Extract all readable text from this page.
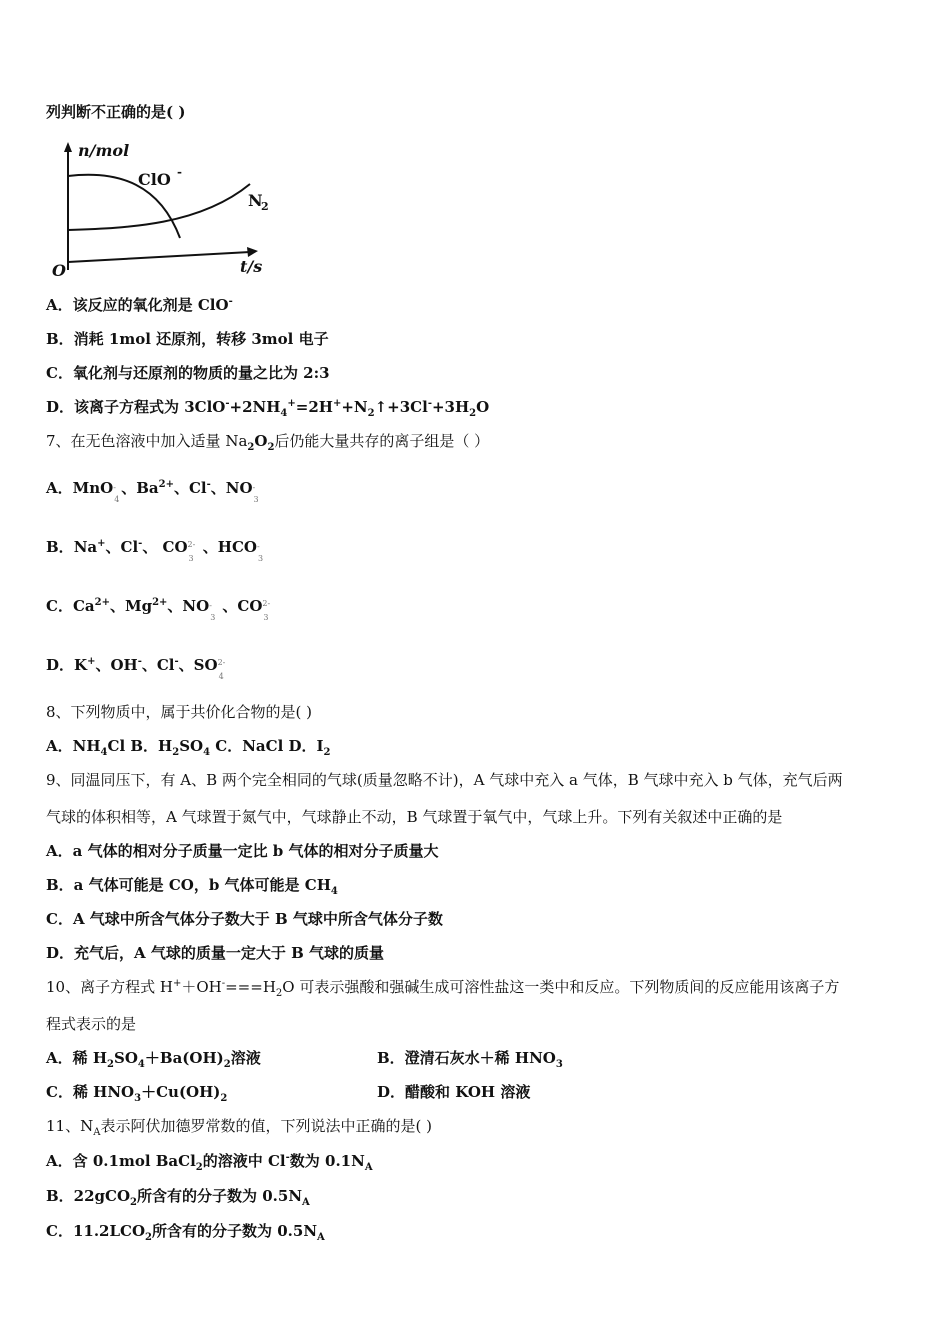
列判断不正确的是( )
n/mol
ClO -
N
2
O	t/s
A．该反应的氧化剂是 ClO-
B．消耗 1mol 还原剂，转移 3mol 电子
C．氧化剂与还原剂的物质的量之比为 2:3
D．该离子方程式为 $3ClO^-+2NH_4^+=2H^++N_2↑+3Cl^-+3H_2O$
7、在无色溶液中加入适量 $Na_2O_2$后仍能大量共存的离子组是（ ）
A．MnO -
4
、$Ba^{2+}$、Cl-、NO -
3
B．Na+、Cl-、 CO 2-
3
、HCO -
3
C．$Ca^{2+}$、$Mg^{2+}$、NO -
3
、CO 2-
3
D．K+、OH-、Cl-、SO 2-
4
8、下列物质中，属于共价化合物的是( )
A．$NH_4Cl$ B．$H_2SO_4$ C．NaCl D．$I_2$
9、同温同压下，有 A、B 两个完全相同的气球(质量忽略不计)，A 气球中充入 a 气体，B 气球中充入 b 气体，充气后两
气球的体积相等，A 气球置于氮气中，气球静止不动，B 气球置于氧气中，气球上升。下列有关叙述中正确的是
A．a 气体的相对分子质量一定比 b 气体的相对分子质量大
B．a 气体可能是 CO，b 气体可能是 $CH_4$
C．A 气球中所含气体分子数大于 B 气球中所含气体分子数
D．充气后，A 气球的质量一定大于 B 气球的质量
10、离子方程式 $H^++OH^-===H_2O$ 可表示强酸和强碱生成可溶性盐这一类中和反应。下列物质间的反应能用该离子方
程式表示的是
A．稀 $H_2SO_4+Ba(OH)_2$溶液	B．澄清石灰水＋稀 $HNO_3$
C．稀 $HNO_3+Cu(OH)_2$	D．醋酸和 KOH 溶液
11、$N_A$表示阿伏加德罗常数的值，下列说法中正确的是( )
A．含 0.1mol BaCl$_2$的溶液中 Cl-数为 $0.1N_A$
B．22gCO$_2$所含有的分子数为 $0.5N_A$
C．$11.2LCO_2$所含有的分子数为 $0.5N_A$
